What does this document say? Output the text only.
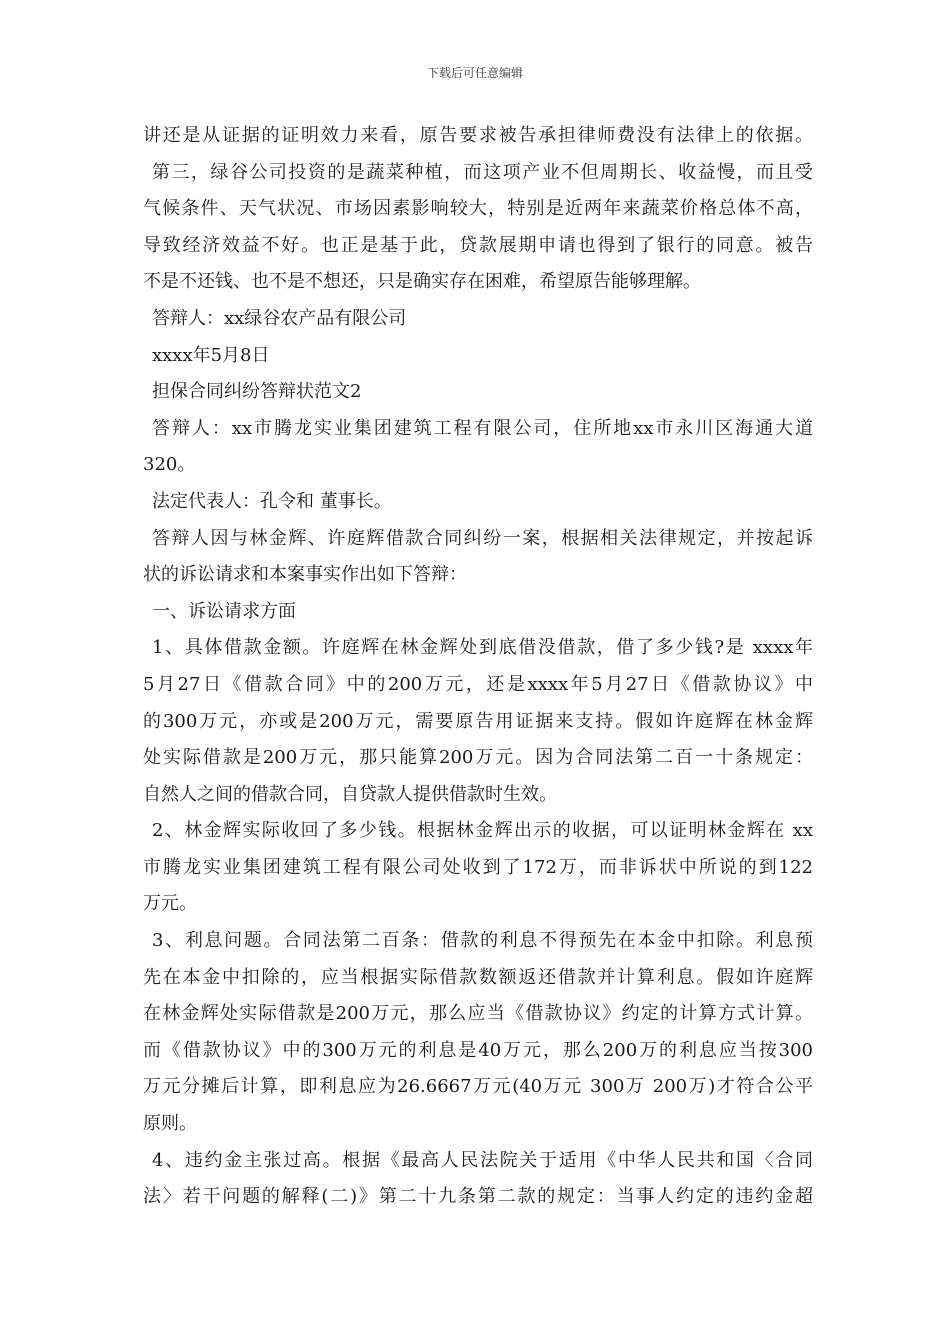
下载后可任意编辑
讲还是从证据的证明效力来看，原告要求被告承担律师费没有法律上的依据。
第三，绿谷公司投资的是蔬菜种植，而这项产业不但周期长、收益慢，而且受
气候条件、天气状况、市场因素影响较大，特别是近两年来蔬菜价格总体不高，
导致经济效益不好。也正是基于此，贷款展期申请也得到了银行的同意。被告
不是不还钱、也不是不想还，只是确实存在困难，希望原告能够理解。
答辩人：xx绿谷农产品有限公司
xxxx年5月8日
担保合同纠纷答辩状范文2
答辩人：xx市腾龙实业集团建筑工程有限公司，住所地xx市永川区海通大道
320。
法定代表人：孔令和 董事长。
答辩人因与林金辉、许庭辉借款合同纠纷一案，根据相关法律规定，并按起诉
状的诉讼请求和本案事实作出如下答辩：
一、诉讼请求方面
1、具体借款金额。许庭辉在林金辉处到底借没借款，借了多少钱?是 xxxx年
5月27日《借款合同》中的200万元，还是xxxx年5月27日《借款协议》中
的300万元，亦或是200万元，需要原告用证据来支持。假如许庭辉在林金辉
处实际借款是200万元，那只能算200万元。因为合同法第二百一十条规定：
自然人之间的借款合同，自贷款人提供借款时生效。
2、林金辉实际收回了多少钱。根据林金辉出示的收据，可以证明林金辉在 xx
市腾龙实业集团建筑工程有限公司处收到了172万，而非诉状中所说的到122
万元。
3、利息问题。合同法第二百条：借款的利息不得预先在本金中扣除。利息预
先在本金中扣除的，应当根据实际借款数额返还借款并计算利息。假如许庭辉
在林金辉处实际借款是200万元，那么应当《借款协议》约定的计算方式计算。
而《借款协议》中的300万元的利息是40万元，那么200万的利息应当按300
万元分摊后计算，即利息应为26.6667万元(40万元 300万 200万)才符合公平
原则。
4、违约金主张过高。根据《最高人民法院关于适用《中华人民共和国〈合同
法〉若干问题的解释(二)》第二十九条第二款的规定：当事人约定的违约金超
